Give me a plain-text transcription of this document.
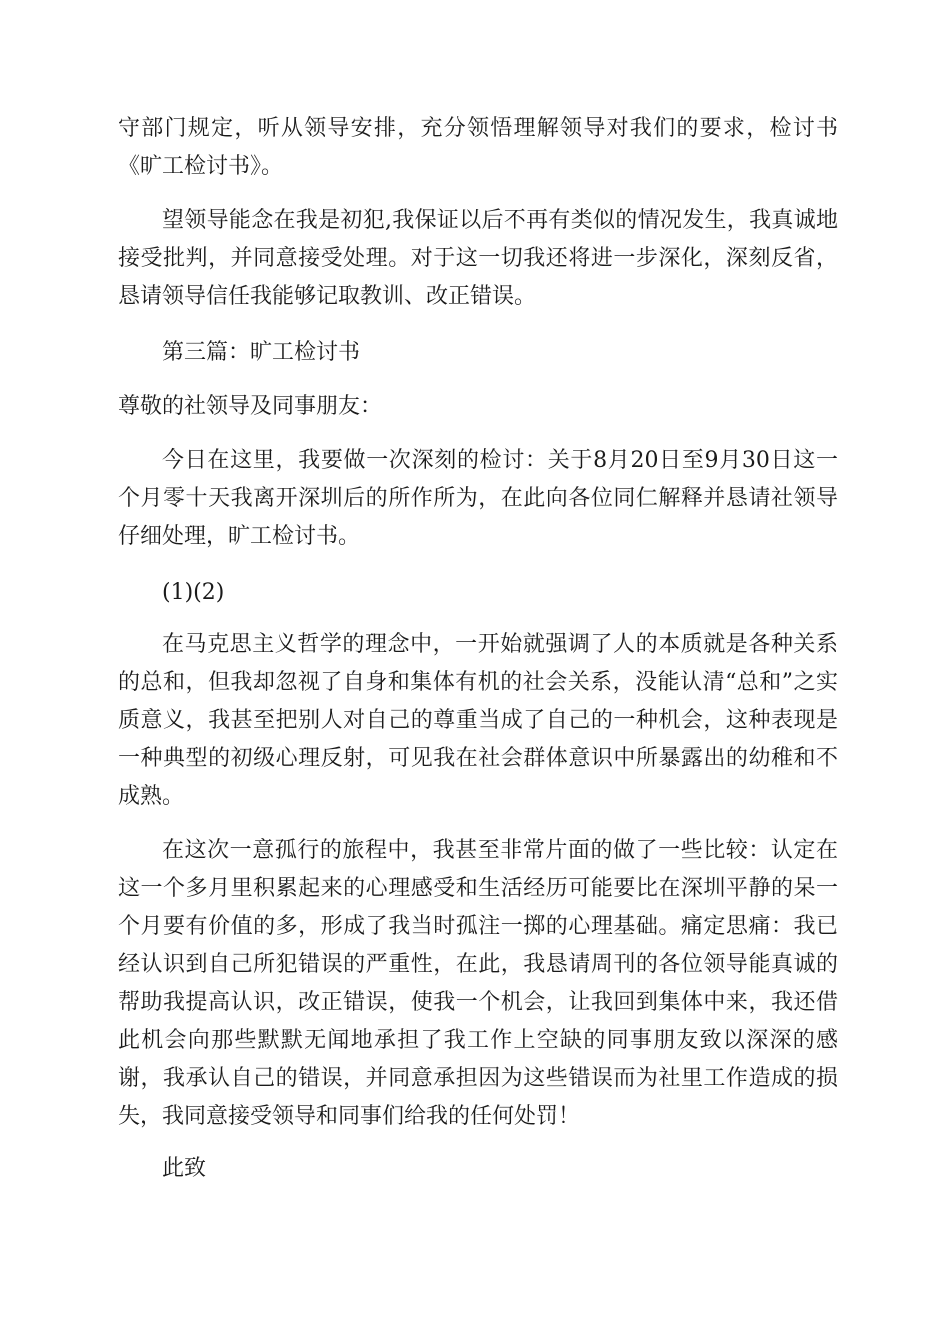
守部门规定，听从领导安排，充分领悟理解领导对我们的要求，检讨书《旷工检讨书》。

望领导能念在我是初犯,我保证以后不再有类似的情况发生，我真诚地接受批判，并同意接受处理。对于这一切我还将进一步深化，深刻反省，恳请领导信任我能够记取教训、改正错误。

第三篇：旷工检讨书

尊敬的社领导及同事朋友：

今日在这里，我要做一次深刻的检讨：关于8月20日至9月30日这一个月零十天我离开深圳后的所作所为，在此向各位同仁解释并恳请社领导仔细处理，旷工检讨书。

(1)(2)

在马克思主义哲学的理念中，一开始就强调了人的本质就是各种关系的总和，但我却忽视了自身和集体有机的社会关系，没能认清“总和”之实质意义，我甚至把别人对自己的尊重当成了自己的一种机会，这种表现是一种典型的初级心理反射，可见我在社会群体意识中所暴露出的幼稚和不成熟。

在这次一意孤行的旅程中，我甚至非常片面的做了一些比较：认定在这一个多月里积累起来的心理感受和生活经历可能要比在深圳平静的呆一个月要有价值的多，形成了我当时孤注一掷的心理基础。痛定思痛：我已经认识到自己所犯错误的严重性，在此，我恳请周刊的各位领导能真诚的帮助我提高认识，改正错误，使我一个机会，让我回到集体中来，我还借此机会向那些默默无闻地承担了我工作上空缺的同事朋友致以深深的感谢，我承认自己的错误，并同意承担因为这些错误而为社里工作造成的损失，我同意接受领导和同事们给我的任何处罚！

此致
